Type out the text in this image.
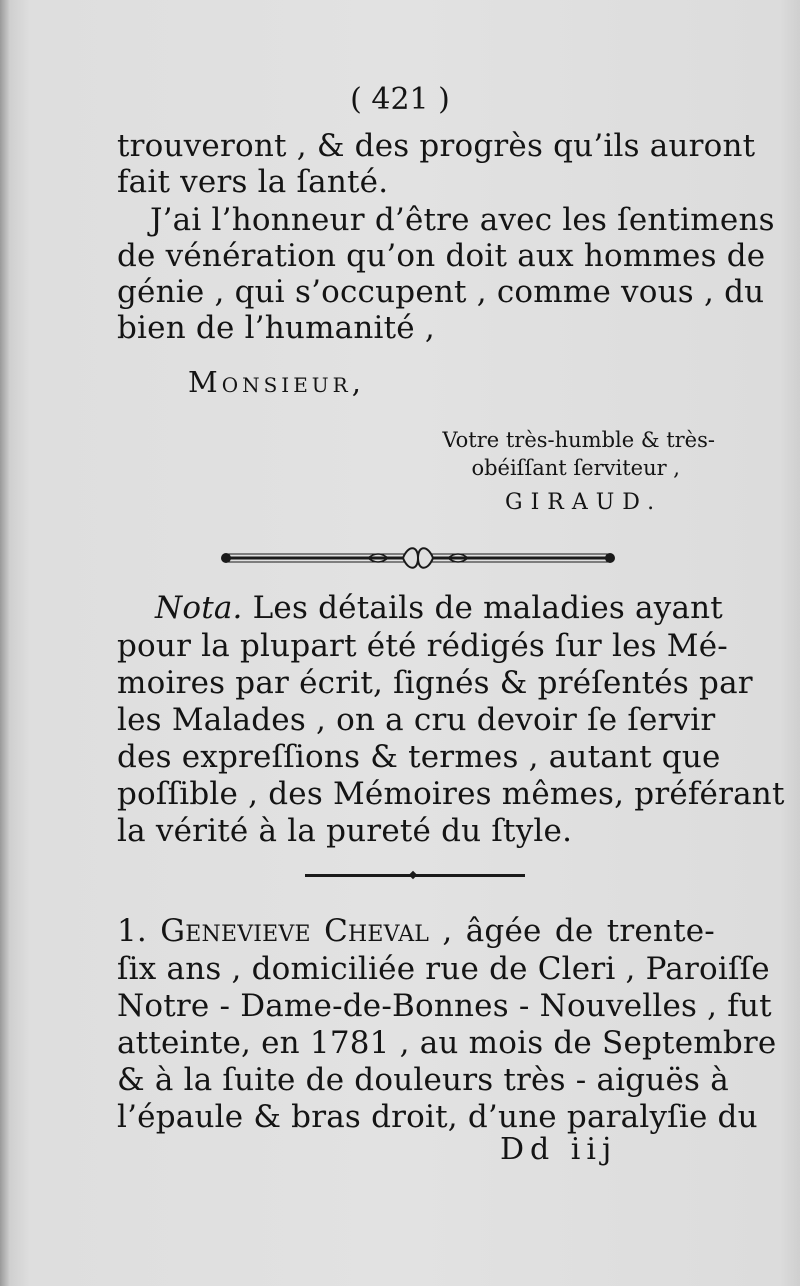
( 421 )
trouveront , & des progrès qu’ils auront
fait vers la ſanté.
J’ai l’honneur d’être avec les ſentimens
de vénération qu’on doit aux hommes de
génie , qui s’occupent , comme vous , du
bien de l’humanité ,
Monsieur,
Votre très-humble & très-
obéiſſant ſerviteur ,
GIRAUD.
Nota. Les détails de maladies ayant
pour la plupart été rédigés ſur les Mé-
moires par écrit, ſignés & préſentés par
les Malades , on a cru devoir ſe ſervir
des expreſſions & termes , autant que
poſſible , des Mémoires mêmes, préférant
la vérité à la pureté du ſtyle.
1. Genevieve Cheval , âgée de trente-
ſix ans , domiciliée rue de Cleri , Paroiſſe
Notre - Dame-de-Bonnes - Nouvelles , fut
atteinte, en 1781 , au mois de Septembre
& à la ſuite de douleurs très - aiguës à
l’épaule & bras droit, d’une paralyſie du
Dd iij
